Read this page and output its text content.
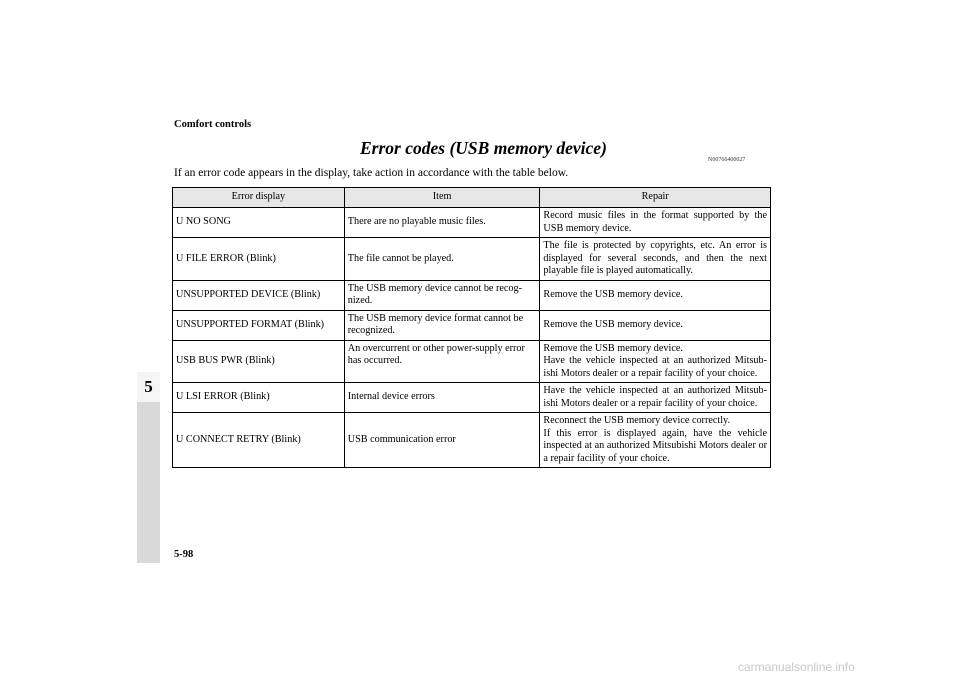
Comfort controls
5
Error codes (USB memory device)
N00766400027
If an error code appears in the display, take action in accordance with the table below.
Error display	Item	Repair
U NO SONG	There are no playable music files.	Record music files in the format supported by the USB memory device.
U FILE ERROR (Blink)	The file cannot be played.	The file is protected by copyrights, etc. An error is displayed for several seconds, and then the next playable file is played automatically.
UNSUPPORTED DEVICE (Blink)	The USB memory device cannot be recog-nized.	Remove the USB memory device.
UNSUPPORTED FORMAT (Blink)	The USB memory device format cannot be recognized.	Remove the USB memory device.
USB BUS PWR (Blink)	An overcurrent or other power-supply error has occurred.	Remove the USB memory device.
Have the vehicle inspected at an authorized Mitsub-ishi Motors dealer or a repair facility of your choice.
U LSI ERROR (Blink)	Internal device errors	Have the vehicle inspected at an authorized Mitsub-ishi Motors dealer or a repair facility of your choice.
U CONNECT RETRY (Blink)	USB communication error	Reconnect the USB memory device correctly.
If this error is displayed again, have the vehicle inspected at an authorized Mitsubishi Motors dealer or a repair facility of your choice.
5-98
carmanualsonline.info
